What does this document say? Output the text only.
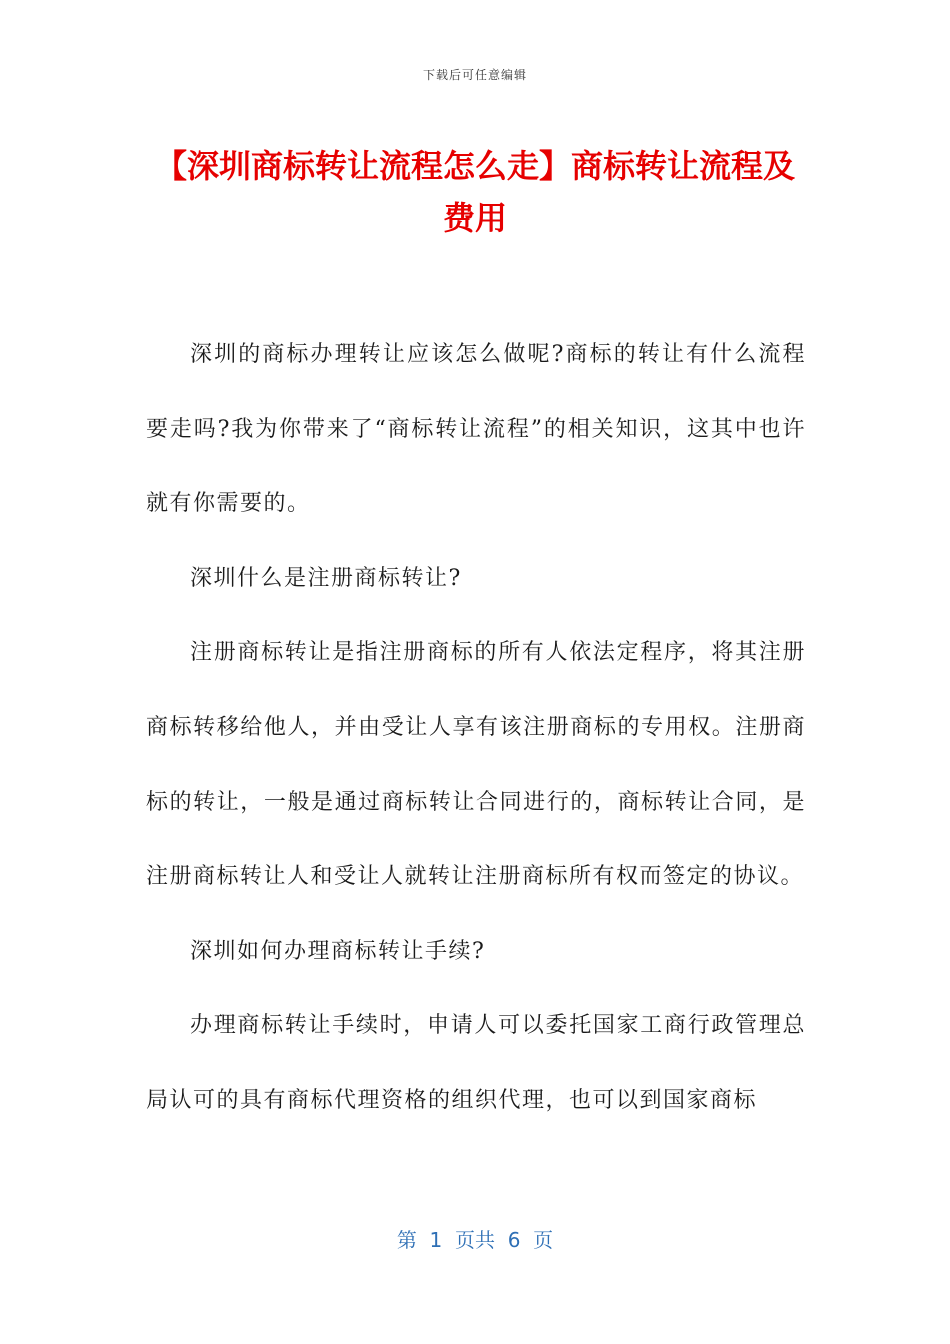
下载后可任意编辑
【深圳商标转让流程怎么走】商标转让流程及费用

深圳的商标办理转让应该怎么做呢?商标的转让有什么流程要走吗?我为你带来了“商标转让流程”的相关知识，这其中也许就有你需要的。

深圳什么是注册商标转让?

注册商标转让是指注册商标的所有人依法定程序，将其注册商标转移给他人，并由受让人享有该注册商标的专用权。注册商标的转让，一般是通过商标转让合同进行的，商标转让合同，是注册商标转让人和受让人就转让注册商标所有权而签定的协议。

深圳如何办理商标转让手续?

办理商标转让手续时，申请人可以委托国家工商行政管理总局认可的具有商标代理资格的组织代理，也可以到国家商标

第  1  页共  6  页
